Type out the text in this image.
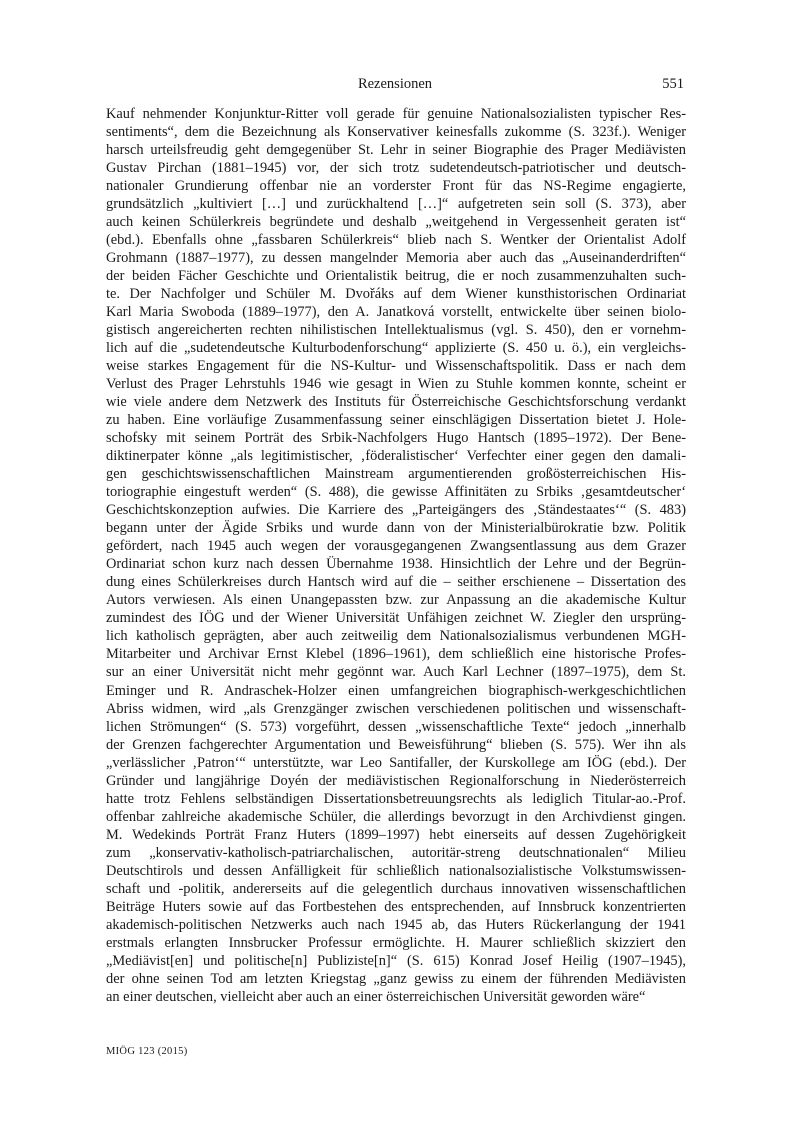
Rezensionen	551
Kauf nehmender Konjunktur-Ritter voll gerade für genuine Nationalsozialisten typischer Res-
sentiments“, dem die Bezeichnung als Konservativer keinesfalls zukomme (S. 323f.). Weniger
harsch urteilsfreudig geht demgegenüber St. Lehr in seiner Biographie des Prager Mediävisten
Gustav Pirchan (1881–1945) vor, der sich trotz sudetendeutsch-patriotischer und deutsch-
nationaler Grundierung offenbar nie an vorderster Front für das NS-Regime engagierte,
grundsätzlich „kultiviert […] und zurückhaltend […]“ aufgetreten sein soll (S. 373), aber
auch keinen Schülerkreis begründete und deshalb „weitgehend in Vergessenheit geraten ist“
(ebd.). Ebenfalls ohne „fassbaren Schülerkreis“ blieb nach S. Wentker der Orientalist Adolf
Grohmann (1887–1977), zu dessen mangelnder Memoria aber auch das „Auseinanderdriften“
der beiden Fächer Geschichte und Orientalistik beitrug, die er noch zusammenzuhalten such-
te. Der Nachfolger und Schüler M. Dvořáks auf dem Wiener kunsthistorischen Ordinariat
Karl Maria Swoboda (1889–1977), den A. Janatková vorstellt, entwickelte über seinen biolo-
gistisch angereicherten rechten nihilistischen Intellektualismus (vgl. S. 450), den er vornehm-
lich auf die „sudetendeutsche Kulturbodenforschung“ applizierte (S. 450 u. ö.), ein vergleichs-
weise starkes Engagement für die NS-Kultur- und Wissenschaftspolitik. Dass er nach dem
Verlust des Prager Lehrstuhls 1946 wie gesagt in Wien zu Stuhle kommen konnte, scheint er
wie viele andere dem Netzwerk des Instituts für Österreichische Geschichtsforschung verdankt
zu haben. Eine vorläufige Zusammenfassung seiner einschlägigen Dissertation bietet J. Hole-
schofsky mit seinem Porträt des Srbik-Nachfolgers Hugo Hantsch (1895–1972). Der Bene-
diktinerpater könne „als legitimistischer, ‚föderalistischer‘ Verfechter einer gegen den damali-
gen geschichtswissenschaftlichen Mainstream argumentierenden großösterreichischen His-
toriographie eingestuft werden“ (S. 488), die gewisse Affinitäten zu Srbiks ‚gesamtdeutscher‘
Geschichtskonzeption aufwies. Die Karriere des „Parteigängers des ‚Ständestaates‘“ (S. 483)
begann unter der Ägide Srbiks und wurde dann von der Ministerialbürokratie bzw. Politik
gefördert, nach 1945 auch wegen der vorausgegangenen Zwangsentlassung aus dem Grazer
Ordinariat schon kurz nach dessen Übernahme 1938. Hinsichtlich der Lehre und der Begrün-
dung eines Schülerkreises durch Hantsch wird auf die – seither erschienene – Dissertation des
Autors verwiesen. Als einen Unangepassten bzw. zur Anpassung an die akademische Kultur
zumindest des IÖG und der Wiener Universität Unfähigen zeichnet W. Ziegler den ursprüng-
lich katholisch geprägten, aber auch zeitweilig dem Nationalsozialismus verbundenen MGH-
Mitarbeiter und Archivar Ernst Klebel (1896–1961), dem schließlich eine historische Profes-
sur an einer Universität nicht mehr gegönnt war. Auch Karl Lechner (1897–1975), dem St.
Eminger und R. Andraschek-Holzer einen umfangreichen biographisch-werkgeschichtlichen
Abriss widmen, wird „als Grenzgänger zwischen verschiedenen politischen und wissenschaft-
lichen Strömungen“ (S. 573) vorgeführt, dessen „wissenschaftliche Texte“ jedoch „innerhalb
der Grenzen fachgerechter Argumentation und Beweisführung“ blieben (S. 575). Wer ihn als
„verlässlicher ‚Patron‘“ unterstützte, war Leo Santifaller, der Kurskollege am IÖG (ebd.). Der
Gründer und langjährige Doyén der mediävistischen Regionalforschung in Niederösterreich
hatte trotz Fehlens selbständigen Dissertationsbetreuungsrechts als lediglich Titular-ao.-Prof.
offenbar zahlreiche akademische Schüler, die allerdings bevorzugt in den Archivdienst gingen.
M. Wedekinds Porträt Franz Huters (1899–1997) hebt einerseits auf dessen Zugehörigkeit
zum „konservativ-katholisch-patriarchalischen, autoritär-streng deutschnationalen“ Milieu
Deutschtirols und dessen Anfälligkeit für schließlich nationalsozialistische Volkstumswissen-
schaft und -politik, andererseits auf die gelegentlich durchaus innovativen wissenschaftlichen
Beiträge Huters sowie auf das Fortbestehen des entsprechenden, auf Innsbruck konzentrierten
akademisch-politischen Netzwerks auch nach 1945 ab, das Huters Rückerlangung der 1941
erstmals erlangten Innsbrucker Professur ermöglichte. H. Maurer schließlich skizziert den
„Mediävist[en] und politische[n] Publiziste[n]“ (S. 615) Konrad Josef Heilig (1907–1945),
der ohne seinen Tod am letzten Kriegstag „ganz gewiss zu einem der führenden Mediävisten
an einer deutschen, vielleicht aber auch an einer österreichischen Universität geworden wäre“
MIÖG 123 (2015)
